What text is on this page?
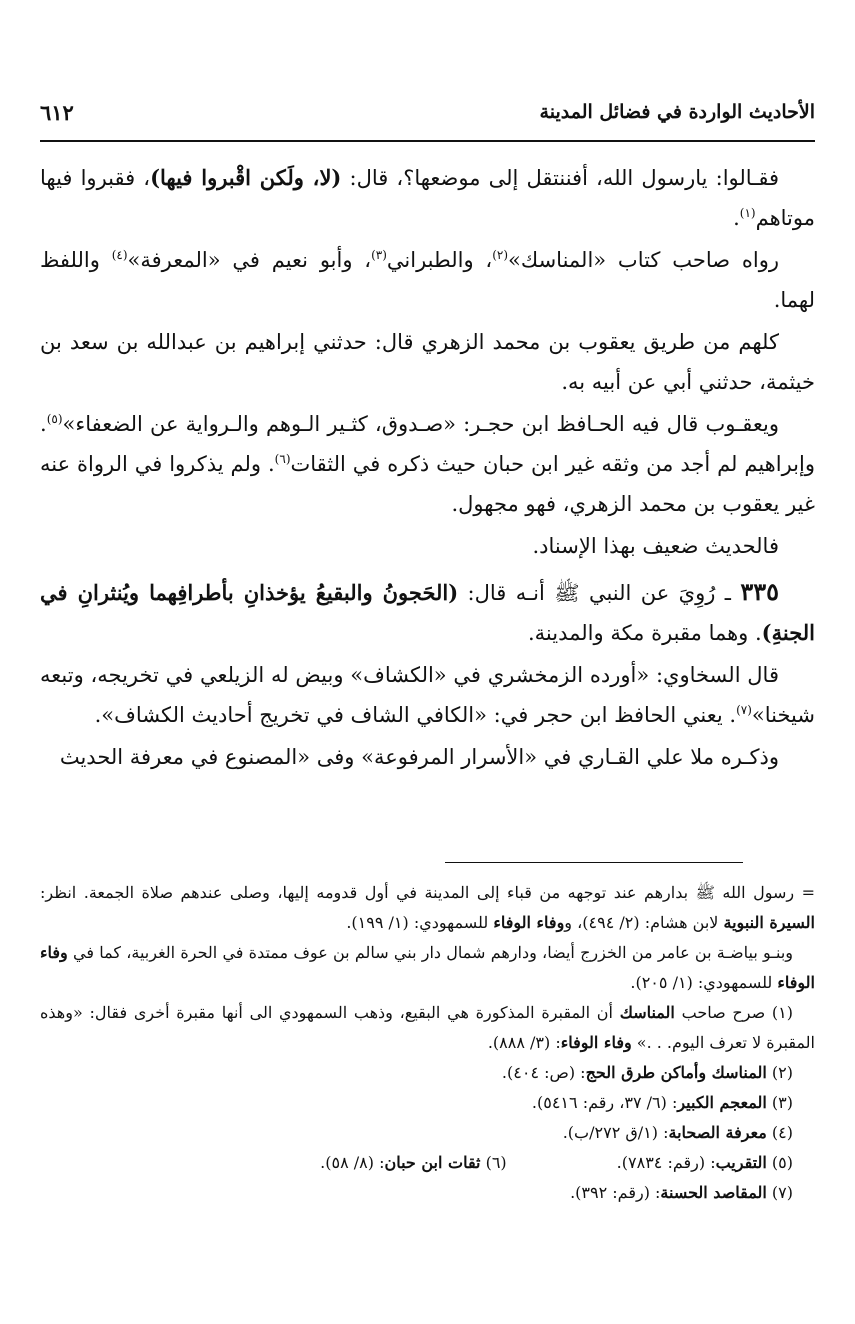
الأحاديث الواردة في فضائل المدينة
٦١٢

فقـالوا: يارسول الله، أفننتقل إلى موضعها؟، قال: (لا، ولَكن اقْبروا فيها)، فقبروا فيها موتاهم$^{(١)}$.

رواه صاحب كتاب «المناسك»$^{(٢)}$، والطبراني$^{(٣)}$، وأبو نعيم في «المعرفة»$^{(٤)}$ واللفظ لهما.

كلهم من طريق يعقوب بن محمد الزهري قال: حدثني إبراهيم بن عبدالله بن سعد بن خيثمة، حدثني أبي عن أبيه به.

ويعقـوب قال فيه الحـافظ ابن حجـر: «صـدوق، كثـير الـوهم والـرواية عن الضعفاء»$^{(٥)}$. وإبراهيم لم أجد من وثقه غير ابن حبان حيث ذكره في الثقات$^{(٦)}$. ولم يذكروا في الرواة عنه غير يعقوب بن محمد الزهري، فهو مجهول.

فالحديث ضعيف بهذا الإسناد.

٣٣٥ ـ رُوِيَ عن النبي ﷺ أنـه قال: (الحَجونُ والبقيعُ يؤخذانِ بأطرافِهما ويُنثرانِ في الجنةِ). وهما مقبرة مكة والمدينة.

قال السخاوي: «أورده الزمخشري في «الكشاف» وبيض له الزيلعي في تخريجه، وتبعه شيخنا»$^{(٧)}$. يعني الحافظ ابن حجر في: «الكافي الشاف في تخريج أحاديث الكشاف».

وذكـره ملا علي القـاري في «الأسرار المرفوعة» وفى «المصنوع في معرفة الحديث

= رسول الله ﷺ بدارهم عند توجهه من قباء إلى المدينة في أول قدومه إليها، وصلى عندهم صلاة الجمعة. انظر: السيرة النبوية لابن هشام: (٢/ ٤٩٤)، ووفاء الوفاء للسمهودي: (١/ ١٩٩).

وبنـو بياضـة بن عامر من الخزرج أيضا، ودارهم شمال دار بني سالم بن عوف ممتدة في الحرة الغربية، كما في وفاء الوفاء للسمهودي: (١/ ٢٠٥).

(١) صرح صاحب المناسك أن المقبرة المذكورة هي البقيع، وذهب السمهودي الى أنها مقبرة أخرى فقال: «وهذه المقبرة لا تعرف اليوم. . .» وفاء الوفاء: (٣/ ٨٨٨).

(٢) المناسك وأماكن طرق الحج: (ص: ٤٠٤).

(٣) المعجم الكبير: (٦/ ٣٧، رقم: ٥٤١٦).

(٤) معرفة الصحابة: (١/ق ٢٧٢/ب).

(٥) التقريب: (رقم: ٧٨٣٤).
(٦) ثقات ابن حبان: (٨/ ٥٨).

(٧) المقاصد الحسنة: (رقم: ٣٩٢).
